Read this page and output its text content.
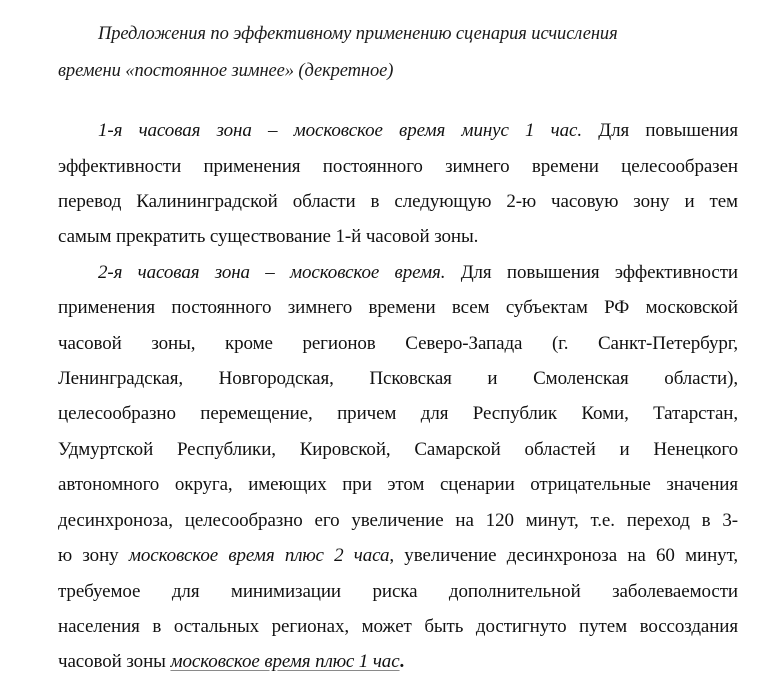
Предложения по эффективному применению сценария исчисления
времени «постоянное зимнее» (декретное)
1-я часовая зона – московское время минус 1 час. Для повышения
эффективности применения постоянного зимнего времени целесообразен
перевод Калининградской области в следующую 2-ю часовую зону и тем
самым прекратить существование 1-й часовой зоны.
2-я часовая зона – московское время. Для повышения эффективности
применения постоянного зимнего времени всем субъектам РФ московской
часовой зоны, кроме регионов Северо-Запада (г. Санкт-Петербург,
Ленинградская, Новгородская, Псковская и Смоленская области),
целесообразно перемещение, причем для Республик Коми, Татарстан,
Удмуртской Республики, Кировской, Самарской областей и Ненецкого
автономного округа, имеющих при этом сценарии отрицательные значения
десинхроноза, целесообразно его увеличение на 120 минут, т.е. переход в 3-
ю зону московское время плюс 2 часа, увеличение десинхроноза на 60 минут,
требуемое для минимизации риска дополнительной заболеваемости
населения в остальных регионах, может быть достигнуто путем воссоздания
часовой зоны московское время плюс 1 час.
